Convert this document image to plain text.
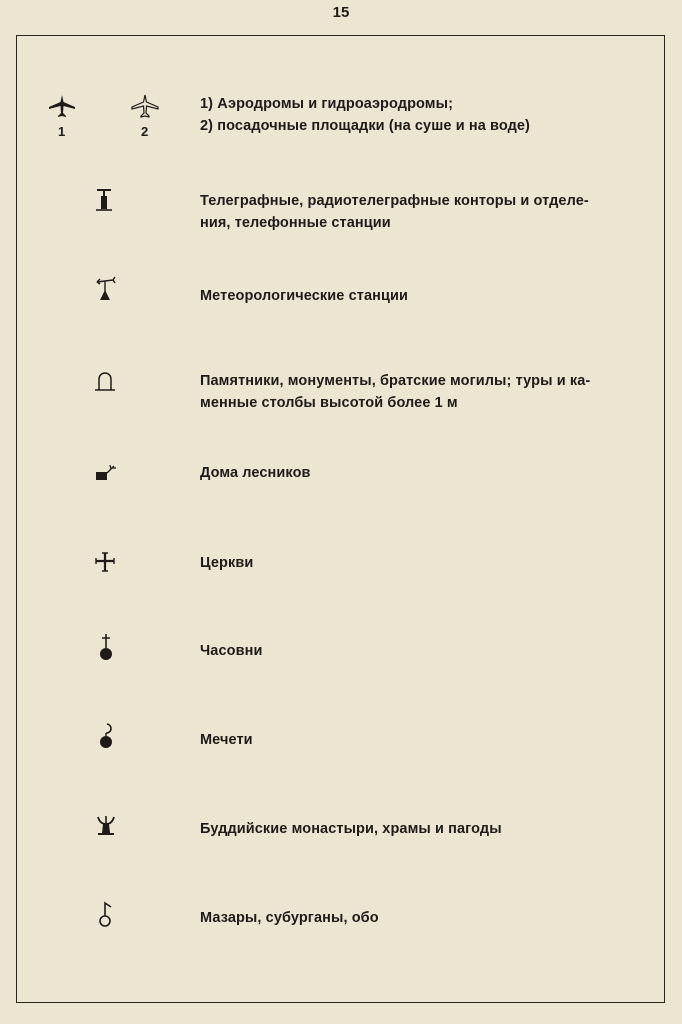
15
1	2
1) Аэродромы и гидроаэродромы;
2) посадочные площадки (на суше и на воде)
Телеграфные, радиотелеграфные конторы и отделе-
ния, телефонные станции
Метеорологические станции
Памятники, монументы, братские могилы; туры и ка-
менные столбы высотой более 1 м
Дома лесников
Церкви
Часовни
Мечети
Буддийские монастыри, храмы и пагоды
Мазары, субурганы, обо
